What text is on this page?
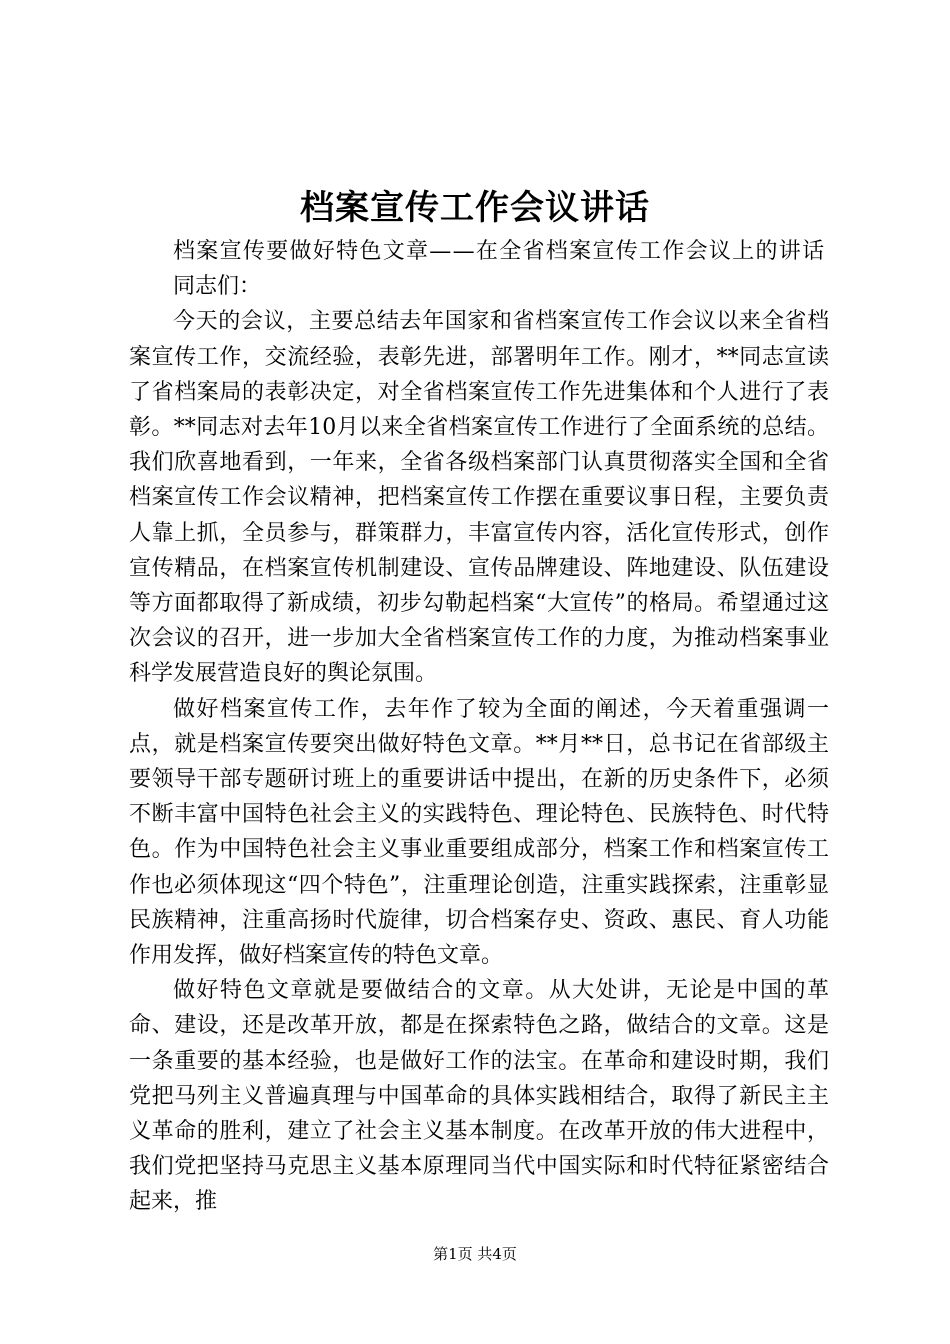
档案宣传工作会议讲话

档案宣传要做好特色文章——在全省档案宣传工作会议上的讲话

同志们：

今天的会议，主要总结去年国家和省档案宣传工作会议以来全省档案宣传工作，交流经验，表彰先进，部署明年工作。刚才，**同志宣读了省档案局的表彰决定，对全省档案宣传工作先进集体和个人进行了表彰。**同志对去年10月以来全省档案宣传工作进行了全面系统的总结。我们欣喜地看到，一年来，全省各级档案部门认真贯彻落实全国和全省档案宣传工作会议精神，把档案宣传工作摆在重要议事日程，主要负责人靠上抓，全员参与，群策群力，丰富宣传内容，活化宣传形式，创作宣传精品，在档案宣传机制建设、宣传品牌建设、阵地建设、队伍建设等方面都取得了新成绩，初步勾勒起档案“大宣传”的格局。希望通过这次会议的召开，进一步加大全省档案宣传工作的力度，为推动档案事业科学发展营造良好的舆论氛围。

做好档案宣传工作，去年作了较为全面的阐述，今天着重强调一点，就是档案宣传要突出做好特色文章。**月**日，总书记在省部级主要领导干部专题研讨班上的重要讲话中提出，在新的历史条件下，必须不断丰富中国特色社会主义的实践特色、理论特色、民族特色、时代特色。作为中国特色社会主义事业重要组成部分，档案工作和档案宣传工作也必须体现这“四个特色”，注重理论创造，注重实践探索，注重彰显民族精神，注重高扬时代旋律，切合档案存史、资政、惠民、育人功能作用发挥，做好档案宣传的特色文章。

做好特色文章就是要做结合的文章。从大处讲，无论是中国的革命、建设，还是改革开放，都是在探索特色之路，做结合的文章。这是一条重要的基本经验，也是做好工作的法宝。在革命和建设时期，我们党把马列主义普遍真理与中国革命的具体实践相结合，取得了新民主主义革命的胜利，建立了社会主义基本制度。在改革开放的伟大进程中，我们党把坚持马克思主义基本原理同当代中国实际和时代特征紧密结合起来，推

第1页 共4页
